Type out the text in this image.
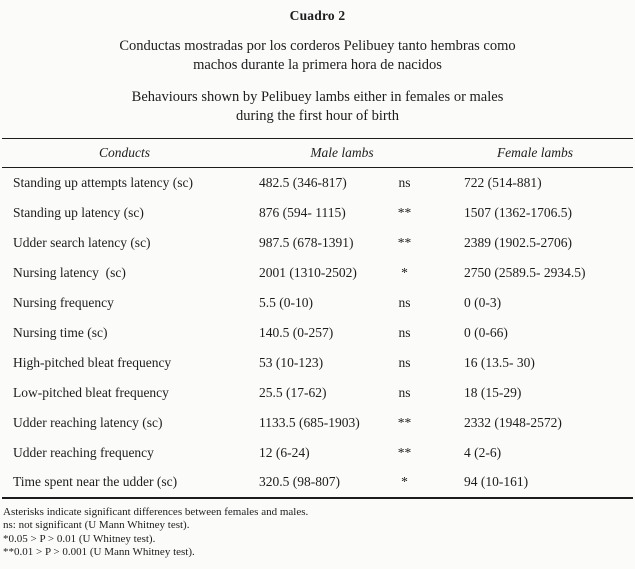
Cuadro 2
Conductas mostradas por los corderos Pelibuey tanto hembras como
machos durante la primera hora de nacidos
Behaviours shown by Pelibuey lambs either in females or males
during the first hour of birth
Conducts	Male lambs		Female lambs
Standing up attempts latency (sc)	482.5 (346-817)	ns	722 (514-881)
Standing up latency (sc)	876 (594- 1115)	**	1507 (1362-1706.5)
Udder search latency (sc)	987.5 (678-1391)	**	2389 (1902.5-2706)
Nursing latency  (sc)	2001 (1310-2502)	*	2750 (2589.5- 2934.5)
Nursing frequency	5.5 (0-10)	ns	0 (0-3)
Nursing time (sc)	140.5 (0-257)	ns	0 (0-66)
High-pitched bleat frequency	53 (10-123)	ns	16 (13.5- 30)
Low-pitched bleat frequency	25.5 (17-62)	ns	18 (15-29)
Udder reaching latency (sc)	1133.5 (685-1903)	**	2332 (1948-2572)
Udder reaching frequency	12 (6-24)	**	4 (2-6)
Time spent near the udder (sc)	320.5 (98-807)	*	94 (10-161)
Asterisks indicate significant differences between females and males.
ns: not significant (U Mann Whitney test).
*0.05 > P > 0.01 (U Whitney test).
**0.01 > P > 0.001 (U Mann Whitney test).
